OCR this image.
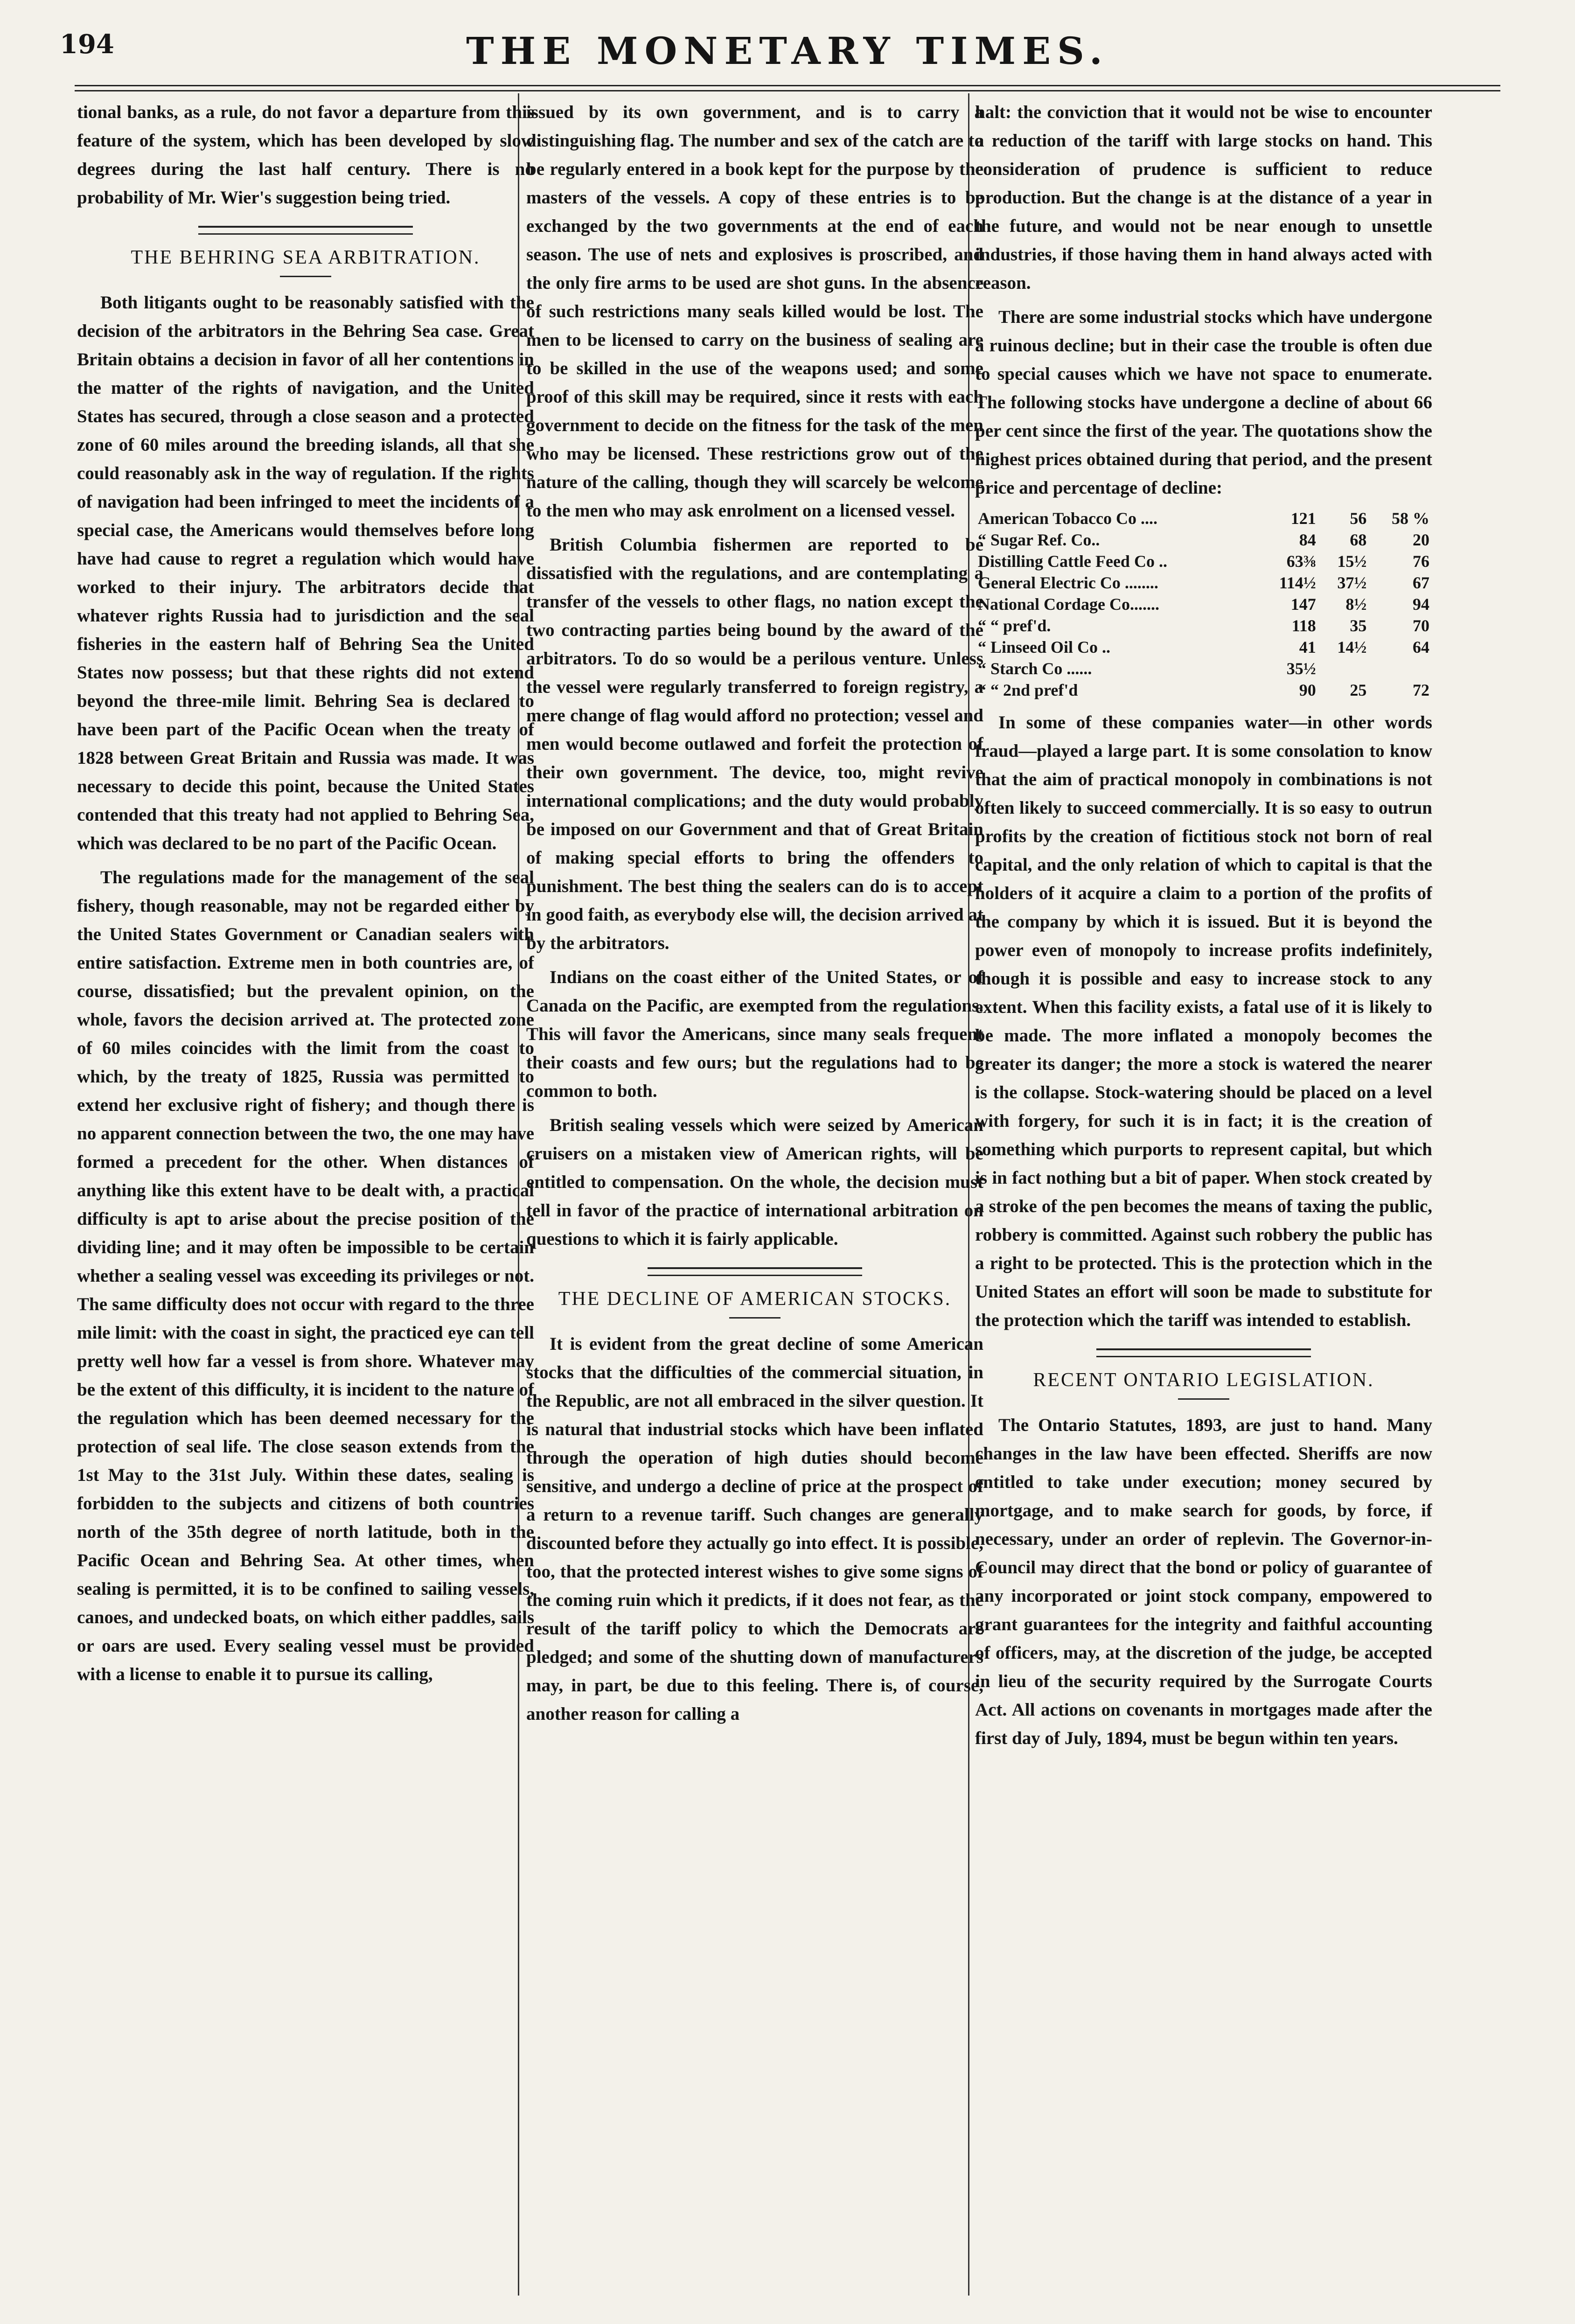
194	THE MONETARY TIMES.

tional banks, as a rule, do not favor a departure from this feature of the system, which has been developed by slow degrees during the last half century. There is no probability of Mr. Wier's suggestion being tried.

THE BEHRING SEA ARBITRATION.

Both litigants ought to be reasonably satisfied with the decision of the arbitrators in the Behring Sea case. Great Britain obtains a decision in favor of all her contentions in the matter of the rights of navigation, and the United States has secured, through a close season and a protected zone of 60 miles around the breeding islands, all that she could reasonably ask in the way of regulation. If the rights of navigation had been infringed to meet the incidents of a special case, the Americans would themselves before long have had cause to regret a regulation which would have worked to their injury. The arbitrators decide that whatever rights Russia had to jurisdiction and the seal fisheries in the eastern half of Behring Sea the United States now possess; but that these rights did not extend beyond the three-mile limit. Behring Sea is declared to have been part of the Pacific Ocean when the treaty of 1828 between Great Britain and Russia was made. It was necessary to decide this point, because the United States contended that this treaty had not applied to Behring Sea, which was declared to be no part of the Pacific Ocean.

The regulations made for the management of the seal fishery, though reasonable, may not be regarded either by the United States Government or Canadian sealers with entire satisfaction. Extreme men in both countries are, of course, dissatisfied; but the prevalent opinion, on the whole, favors the decision arrived at. The protected zone of 60 miles coincides with the limit from the coast to which, by the treaty of 1825, Russia was permitted to extend her exclusive right of fishery; and though there is no apparent connection between the two, the one may have formed a precedent for the other. When distances of anything like this extent have to be dealt with, a practical difficulty is apt to arise about the precise position of the dividing line; and it may often be impossible to be certain whether a sealing vessel was exceeding its privileges or not. The same difficulty does not occur with regard to the three mile limit: with the coast in sight, the practiced eye can tell pretty well how far a vessel is from shore. Whatever may be the extent of this difficulty, it is incident to the nature of the regulation which has been deemed necessary for the protection of seal life. The close season extends from the 1st May to the 31st July. Within these dates, sealing is forbidden to the subjects and citizens of both countries north of the 35th degree of north latitude, both in the Pacific Ocean and Behring Sea. At other times, when sealing is permitted, it is to be confined to sailing vessels, canoes, and undecked boats, on which either paddles, sails or oars are used. Every sealing vessel must be provided with a license to enable it to pursue its calling,

issued by its own government, and is to carry a distinguishing flag. The number and sex of the catch are to be regularly entered in a book kept for the purpose by the masters of the vessels. A copy of these entries is to be exchanged by the two governments at the end of each season. The use of nets and explosives is proscribed, and the only fire arms to be used are shot guns. In the absence of such restrictions many seals killed would be lost. The men to be licensed to carry on the business of sealing are to be skilled in the use of the weapons used; and some proof of this skill may be required, since it rests with each government to decide on the fitness for the task of the men who may be licensed. These restrictions grow out of the nature of the calling, though they will scarcely be welcome to the men who may ask enrolment on a licensed vessel.

British Columbia fishermen are reported to be dissatisfied with the regulations, and are contemplating a transfer of the vessels to other flags, no nation except the two contracting parties being bound by the award of the arbitrators. To do so would be a perilous venture. Unless the vessel were regularly transferred to foreign registry, a mere change of flag would afford no protection; vessel and men would become outlawed and forfeit the protection of their own government. The device, too, might revive international complications; and the duty would probably be imposed on our Government and that of Great Britain of making special efforts to bring the offenders to punishment. The best thing the sealers can do is to accept in good faith, as everybody else will, the decision arrived at by the arbitrators.

Indians on the coast either of the United States, or of Canada on the Pacific, are exempted from the regulations. This will favor the Americans, since many seals frequent their coasts and few ours; but the regulations had to be common to both.

British sealing vessels which were seized by American cruisers on a mistaken view of American rights, will be entitled to compensation. On the whole, the decision must tell in favor of the practice of international arbitration on questions to which it is fairly applicable.

THE DECLINE OF AMERICAN STOCKS.

It is evident from the great decline of some American stocks that the difficulties of the commercial situation, in the Republic, are not all embraced in the silver question. It is natural that industrial stocks which have been inflated through the operation of high duties should become sensitive, and undergo a decline of price at the prospect of a return to a revenue tariff. Such changes are generally discounted before they actually go into effect. It is possible, too, that the protected interest wishes to give some signs of the coming ruin which it predicts, if it does not fear, as the result of the tariff policy to which the Democrats are pledged; and some of the shutting down of manufacturers may, in part, be due to this feeling. There is, of course, another reason for calling a

halt: the conviction that it would not be wise to encounter a reduction of the tariff with large stocks on hand. This consideration of prudence is sufficient to reduce production. But the change is at the distance of a year in the future, and would not be near enough to unsettle industries, if those having them in hand always acted with reason.

There are some industrial stocks which have undergone a ruinous decline; but in their case the trouble is often due to special causes which we have not space to enumerate. The following stocks have undergone a decline of about 66 per cent since the first of the year. The quotations show the highest prices obtained during that period, and the present price and percentage of decline:

American Tobacco Co ....	121	56	58 %
“ Sugar Ref. Co..	84	68	20
Distilling Cattle Feed Co ..	63⅜	15½	76
General Electric Co ........	114½	37½	67
National Cordage Co.......	147	8½	94
“ “ pref'd.	118	35	70
“ Linseed Oil Co ..	41	14½	64
“ Starch Co ......	35½		
“ “ 2nd pref'd	90	25	72

In some of these companies water—in other words fraud—played a large part. It is some consolation to know that the aim of practical monopoly in combinations is not often likely to succeed commercially. It is so easy to outrun profits by the creation of fictitious stock not born of real capital, and the only relation of which to capital is that the holders of it acquire a claim to a portion of the profits of the company by which it is issued. But it is beyond the power even of monopoly to increase profits indefinitely, though it is possible and easy to increase stock to any extent. When this facility exists, a fatal use of it is likely to be made. The more inflated a monopoly becomes the greater its danger; the more a stock is watered the nearer is the collapse. Stock-watering should be placed on a level with forgery, for such it is in fact; it is the creation of something which purports to represent capital, but which is in fact nothing but a bit of paper. When stock created by a stroke of the pen becomes the means of taxing the public, robbery is committed. Against such robbery the public has a right to be protected. This is the protection which in the United States an effort will soon be made to substitute for the protection which the tariff was intended to establish.

RECENT ONTARIO LEGISLATION.

The Ontario Statutes, 1893, are just to hand. Many changes in the law have been effected. Sheriffs are now entitled to take under execution; money secured by mortgage, and to make search for goods, by force, if necessary, under an order of replevin. The Governor-in-Council may direct that the bond or policy of guarantee of any incorporated or joint stock company, empowered to grant guarantees for the integrity and faithful accounting of officers, may, at the discretion of the judge, be accepted in lieu of the security required by the Surrogate Courts Act. All actions on covenants in mortgages made after the first day of July, 1894, must be begun within ten years.
